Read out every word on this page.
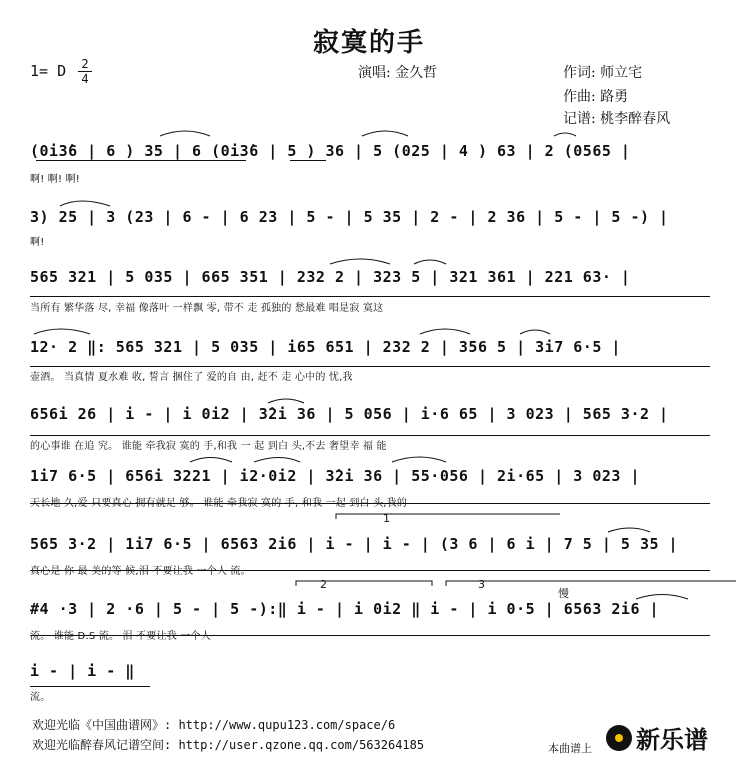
寂寞的手
1= D 2
4	演唱: 金久哲	作词: 师立宅
作曲: 路勇
记谱: 桃李醉春风
1
2	3
慢
(0i3̇6 | 6 ) 35 | 6 (0i3̇6 | 5 ) 36 | 5 (025 | 4 ) 63 | 2 (0565 |
啊! 啊! 啊!
3) 25 | 3 (23 | 6 - | 6 23 | 5 - | 5 35 | 2 - | 2 36 | 5 - | 5 -) |
啊!
565 321 | 5 035 | 665 351 | 232 2 | 323 5 | 321 361 | 221 63· |
当所有 繁华落 尽, 幸福 像落叶 一样飘 零, 带不 走 孤独的 愁最难 唱是寂 寞这
12· 2 ‖: 565 321 | 5 035 | i65 651 | 232 2 | 356 5 | 3i7 6·5 |
壶酒。 当真情 夏水难 收, 誓言 捆住了 爱的自 由, 赶不 走 心中的 忧,我
656i 26 | i - | i 0i2 | 3̇2i 36 | 5 056 | i·6 65 | 3 023 | 565 3·2 |
的心事谁 在追 究。 谁能 牵我寂 寞的 手,和我 一 起 到白 头,不去 奢望幸 福 能
1i7 6·5 | 656i 3221 | i2·0i2 | 3̇2i 36 | 55·056 | 2i·65 | 3 023 |
天长地 久,爱 只要真心 拥有就足 够。 谁能 牵我寂 寞的 手, 和我 一起 到白 头,我的
565 3·2 | 1i7 6·5 | 6563 2i6 | i - | i - | (3 6 | 6 i | 7 5 | 5 35 |
真心是 你 最 美的等 候,泪 不要让我 一个人 流。
#4 ·3 | 2 ·6 | 5 - | 5 -):‖ i - | i 0i2 ‖ i - | i 0·5 | 6563 2i6 |
流。 谁能 D.S 流。 泪 不要让我 一个人
i - | i - ‖
流。
欢迎光临《中国曲谱网》: http://www.qupu123.com/space/6
欢迎光临醉春风记谱空间: http://user.qzone.qq.com/563264185	本曲谱上 新乐谱
